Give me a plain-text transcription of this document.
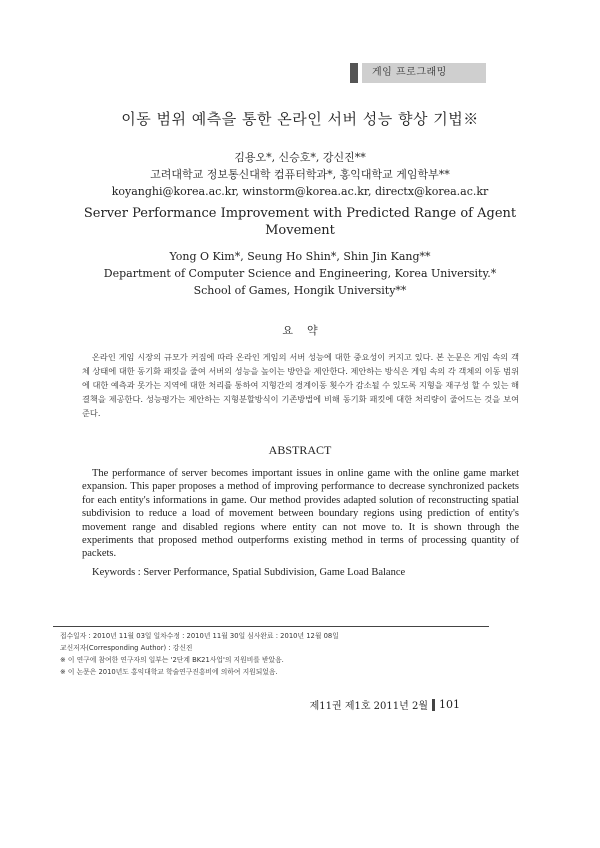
게임 프로그래밍
이동 범위 예측을 통한 온라인 서버 성능 향상 기법※
김용오*, 신승호*, 강신진**
고려대학교 정보통신대학 컴퓨터학과*, 홍익대학교 게임학부**
koyanghi@korea.ac.kr, winstorm@korea.ac.kr, directx@korea.ac.kr
Server Performance Improvement with Predicted Range of Agent Movement
Yong O Kim*, Seung Ho Shin*, Shin Jin Kang**
Department of Computer Science and Engineering, Korea University.*
School of Games, Hongik University**
요    약
온라인 게임 시장의 규모가 커짐에 따라 온라인 게임의 서버 성능에 대한 중요성이 커지고 있다. 본 논문은 게임 속의 객체 상태에 대한 동기화 패킷을 줄여 서버의 성능을 높이는 방안을 제안한다. 제안하는 방식은 게임 속의 각 객체의 이동 범위에 대한 예측과 못가는 지역에 대한 처리를 통하여 지형간의 경계이동 횟수가 감소될 수 있도록 지형을 재구성 할 수 있는 해결책을 제공한다. 성능평가는 제안하는 지형분할방식이 기존방법에 비해 동기화 패킷에 대한 처리량이 줄어드는 것을 보여준다.
ABSTRACT
The performance of server becomes important issues in online game with the online game market expansion. This paper proposes a method of improving performance to decrease synchronized packets for each entity's informations in game. Our method provides adapted solution of reconstructing spatial subdivision to reduce a load of movement between boundary regions using prediction of entity's movement range and disabled regions where entity can not move to. It is shown through the experiments that proposed method outperforms existing method in terms of processing quantity of packets.
Keywords : Server Performance, Spatial Subdivision, Game Load Balance
접수일자 : 2010년 11월 03일 일차수정 : 2010년 11월 30일 심사완료 : 2010년 12월 08일
교신저자(Corresponding Author) : 강신진
※ 이 연구에 참여한 연구자의 일부는 '2단계 BK21사업'의 지원비를 받았음.
※ 이 논문은 2010년도 홍익대학교 학술연구진흥비에 의하여 지원되었음.
제11권 제1호 2011년 2월 101
